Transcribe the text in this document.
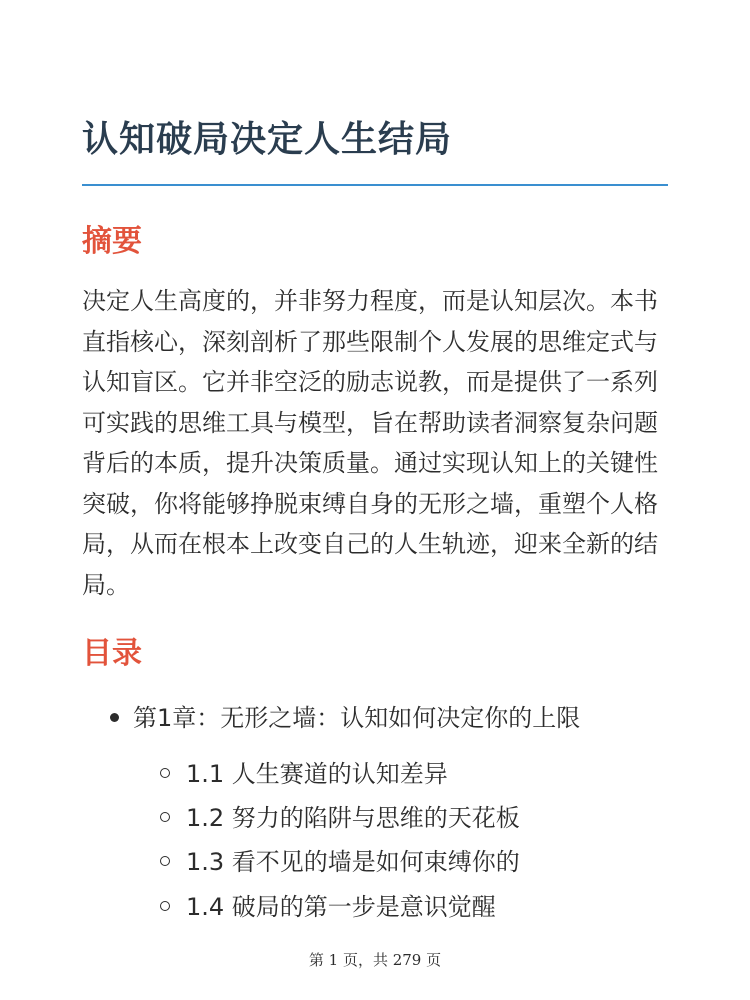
认知破局决定人生结局
摘要

决定人生高度的，并非努力程度，而是认知层次。本书直指核心，深刻剖析了那些限制个人发展的思维定式与认知盲区。它并非空泛的励志说教，而是提供了一系列可实践的思维工具与模型，旨在帮助读者洞察复杂问题背后的本质，提升决策质量。通过实现认知上的关键性突破，你将能够挣脱束缚自身的无形之墙，重塑个人格局，从而在根本上改变自己的人生轨迹，迎来全新的结局。

目录
第1章：无形之墙：认知如何决定你的上限
1.1 人生赛道的认知差异
1.2 努力的陷阱与思维的天花板
1.3 看不见的墙是如何束缚你的
1.4 破局的第一步是意识觉醒
第 1 页，共 279 页
